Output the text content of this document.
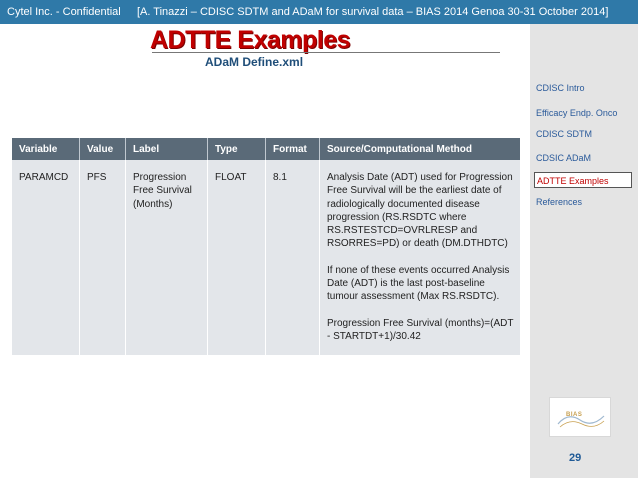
Cytel Inc. - Confidential [A. Tinazzi – CDISC SDTM and ADaM for survival data – BIAS 2014 Genoa 30-31 October 2014]
ADTTE Examples
ADaM Define.xml
Variable	Value	Label	Type	Format	Source/Computational Method
PARAMCD	PFS	Progression Free Survival (Months)	FLOAT	8.1	Analysis Date (ADT) used for Progression Free Survival will be the earliest date of radiologically documented disease progression (RS.RSDTC where RS.RSTESTCD=OVRLRESP and RSORRES=PD) or death (DM.DTHDTC)
If none of these events occurred Analysis Date (ADT) is the last post-baseline tumour assessment (Max RS.RSDTC).
Progression Free Survival (months)=(ADT - STARTDT+1)/30.42
CDISC Intro
Efficacy Endp. Onco
CDISC SDTM
CDSIC ADaM
ADTTE Examples
References
BIAS
29
